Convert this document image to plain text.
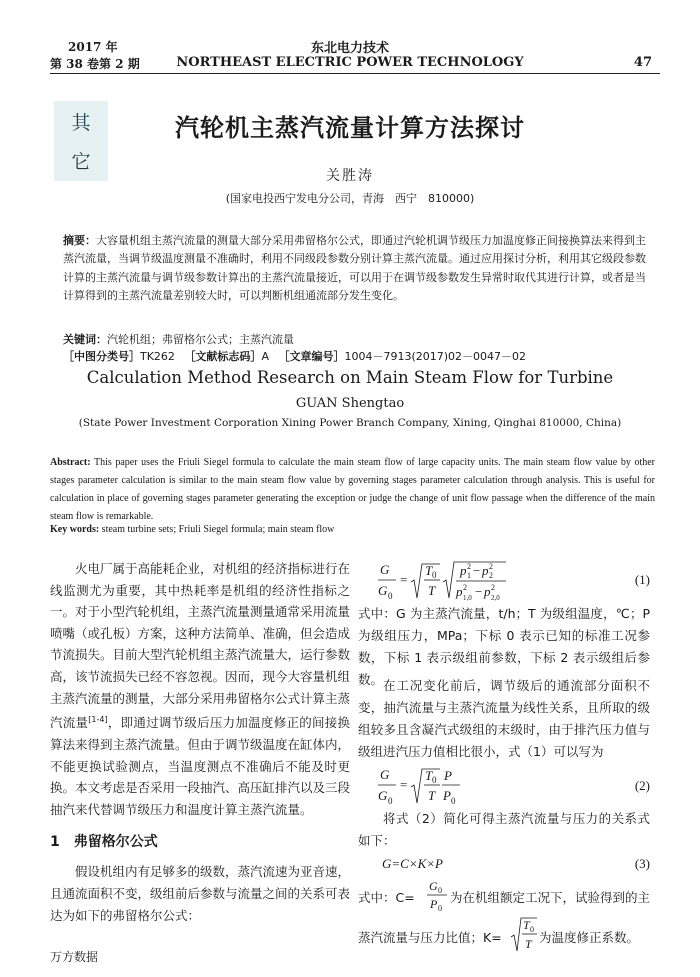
2017 年
第 38 卷第 2 期
东北电力技术
NORTHEAST ELECTRIC POWER TECHNOLOGY	47
其
它
汽轮机主蒸汽流量计算方法探讨
关胜涛
(国家电投西宁发电分公司，青海　西宁　810000)
摘要：大容量机组主蒸汽流量的测量大部分采用弗留格尔公式，即通过汽轮机调节级压力加温度修正间接换算法来得到主蒸汽流量，当调节级温度测量不准确时，利用不同级段参数分别计算主蒸汽流量。通过应用探讨分析，利用其它级段参数计算的主蒸汽流量与调节级参数计算出的主蒸汽流量接近，可以用于在调节级参数发生异常时取代其进行计算，或者是当计算得到的主蒸汽流量差别较大时，可以判断机组通流部分发生变化。
关键词：汽轮机组；弗留格尔公式；主蒸汽流量
［中图分类号］TK262 ［文献标志码］A ［文章编号］1004－7913(2017)02－0047－02
Calculation Method Research on Main Steam Flow for Turbine
GUAN Shengtao
(State Power Investment Corporation Xining Power Branch Company, Xining, Qinghai 810000, China)
Abstract: This paper uses the Friuli Siegel formula to calculate the main steam flow of large capacity units. The main steam flow value by other stages parameter calculation is similar to the main steam flow value by governing stages parameter calculation through analysis. This is useful for calculation in place of governing stages parameter generating the exception or judge the change of unit flow passage when the difference of the main steam flow is remarkable.
Key words: steam turbine sets; Friuli Siegel formula; main steam flow

火电厂属于高能耗企业，对机组的经济指标进行在线监测尤为重要，其中热耗率是机组的经济性指标之一。对于小型汽轮机组，主蒸汽流量测量通常采用流量喷嘴（或孔板）方案，这种方法简单、准确，但会造成节流损失。目前大型汽轮机组主蒸汽流量大，运行参数高，该节流损失已经不容忽视。因而，现今大容量机组主蒸汽流量的测量，大部分采用弗留格尔公式计算主蒸汽流量[1-4]，即通过调节级后压力加温度修正的间接换算法来得到主蒸汽流量。但由于调节级温度在缸体内，不能更换试验测点，当温度测点不准确后不能及时更换。本文考虑是否采用一段抽汽、高压缸排汽以及三段抽汽来代替调节级压力和温度计算主蒸汽流量。

1　弗留格尔公式

假设机组内有足够多的级数，蒸汽流速为亚音速，且通流面积不变，级组前后参数与流量之间的关系可表达为如下的弗留格尔公式：

G
G 0
=
T 0
T
p 2
1 − p 2
2
p 2
1,0 − p 2
2,0
(1)

式中：G 为主蒸汽流量，t/h；T 为级组温度，℃；P 为级组压力，MPa；下标 0 表示已知的标准工况参数，下标 1 表示级组前参数，下标 2 表示级组后参数。 在工况变化前后，调节级后的通流部分面积不变，抽汽流量与主蒸汽流量为线性关系，且所取的级组较多且含凝汽式级组的末级时，由于排汽压力值与级组进汽压力值相比很小，式（1）可以写为

G
G 0
=
T 0
T
P
P 0
(2)

将式（2）简化可得主蒸汽流量与压力的关系式如下：

G=C×K×P	(3)
式中：C=
G 0
P 0
为在机组额定工况下，试验得到的主
蒸汽流量与压力比值；K=
T 0
T 为温度修正系数。
万方数据
